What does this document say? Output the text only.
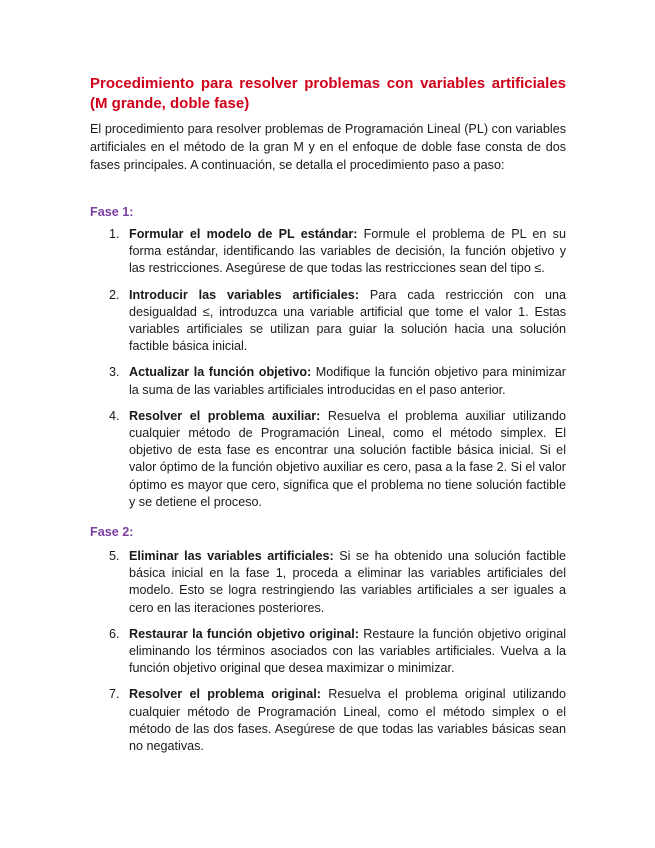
Procedimiento para resolver problemas con variables artificiales (M grande, doble fase)

El procedimiento para resolver problemas de Programación Lineal (PL) con variables artificiales en el método de la gran M y en el enfoque de doble fase consta de dos fases principales. A continuación, se detalla el procedimiento paso a paso:

Fase 1:
1. Formular el modelo de PL estándar: Formule el problema de PL en su forma estándar, identificando las variables de decisión, la función objetivo y las restricciones. Asegúrese de que todas las restricciones sean del tipo ≤.
2. Introducir las variables artificiales: Para cada restricción con una desigualdad ≤, introduzca una variable artificial que tome el valor 1. Estas variables artificiales se utilizan para guiar la solución hacia una solución factible básica inicial.
3. Actualizar la función objetivo: Modifique la función objetivo para minimizar la suma de las variables artificiales introducidas en el paso anterior.
4. Resolver el problema auxiliar: Resuelva el problema auxiliar utilizando cualquier método de Programación Lineal, como el método simplex. El objetivo de esta fase es encontrar una solución factible básica inicial. Si el valor óptimo de la función objetivo auxiliar es cero, pasa a la fase 2. Si el valor óptimo es mayor que cero, significa que el problema no tiene solución factible y se detiene el proceso.
Fase 2:
5. Eliminar las variables artificiales: Si se ha obtenido una solución factible básica inicial en la fase 1, proceda a eliminar las variables artificiales del modelo. Esto se logra restringiendo las variables artificiales a ser iguales a cero en las iteraciones posteriores.
6. Restaurar la función objetivo original: Restaure la función objetivo original eliminando los términos asociados con las variables artificiales. Vuelva a la función objetivo original que desea maximizar o minimizar.
7. Resolver el problema original: Resuelva el problema original utilizando cualquier método de Programación Lineal, como el método simplex o el método de las dos fases. Asegúrese de que todas las variables básicas sean no negativas.
